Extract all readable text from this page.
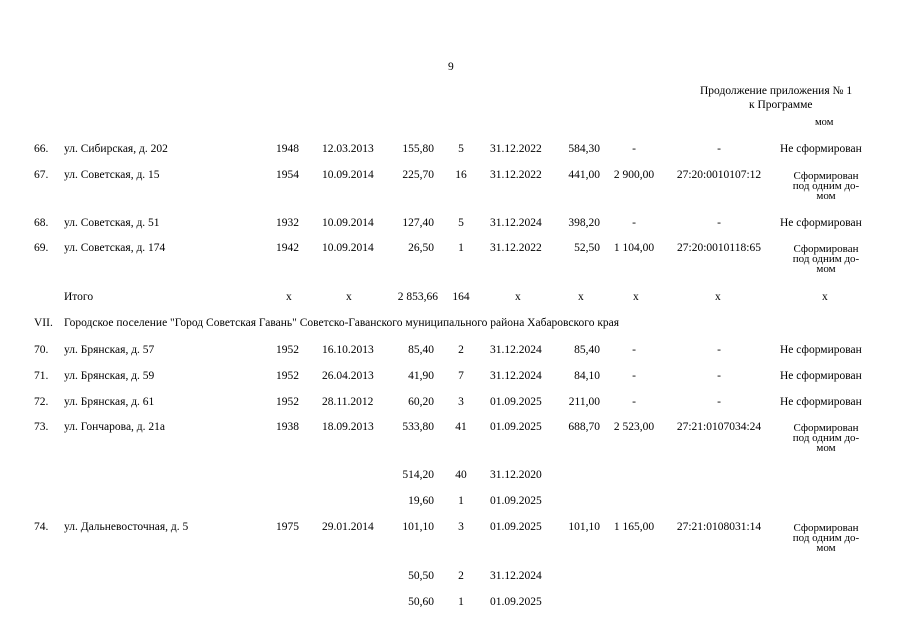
9
Продолжение приложения № 1
к Программе
мом
66. ул. Сибирская, д. 202	1948 12.03.2013	155,80	5	31.12.2022	584,30	-	-	Не сформирован
67. ул. Советская, д. 15	1954 10.09.2014	225,70 16 31.12.2022	441,00	2 900,00	27:20:0010107:12	Сформирован
под одним до-
мом
68. ул. Советская, д. 51	1932 10.09.2014	127,40	5	31.12.2024	398,20	-	-	Не сформирован
69. ул. Советская, д. 174	1942 10.09.2014	26,50	1	31.12.2022	52,50	1 104,00	27:20:0010118:65	Сформирован
под одним до-
мом
Итого	х	х	2 853,66	164	х	х	х	х	х
VII. Городское поселение "Город Советская Гавань" Советско-Гаванского муниципального района Хабаровского края
70. ул. Брянская, д. 57	1952 16.10.2013	85,40	2	31.12.2024	85,40	-	-	Не сформирован
71. ул. Брянская, д. 59	1952 26.04.2013	41,90	7	31.12.2024	84,10	-	-	Не сформирован
72. ул. Брянская, д. 61	1952 28.11.2012	60,20	3	01.09.2025	211,00	-	-	Не сформирован
73. ул. Гончарова, д. 21а	1938 18.09.2013	533,80 41 01.09.2025	688,70	2 523,00	27:21:0107034:24	Сформирован
под одним до-
мом
514,20 40 31.12.2020
19,60	1	01.09.2025
74. ул. Дальневосточная, д. 5	1975 29.01.2014	101,10	3	01.09.2025	101,10	1 165,00	27:21:0108031:14	Сформирован
под одним до-
мом
50,50	2	31.12.2024
50,60	1	01.09.2025
